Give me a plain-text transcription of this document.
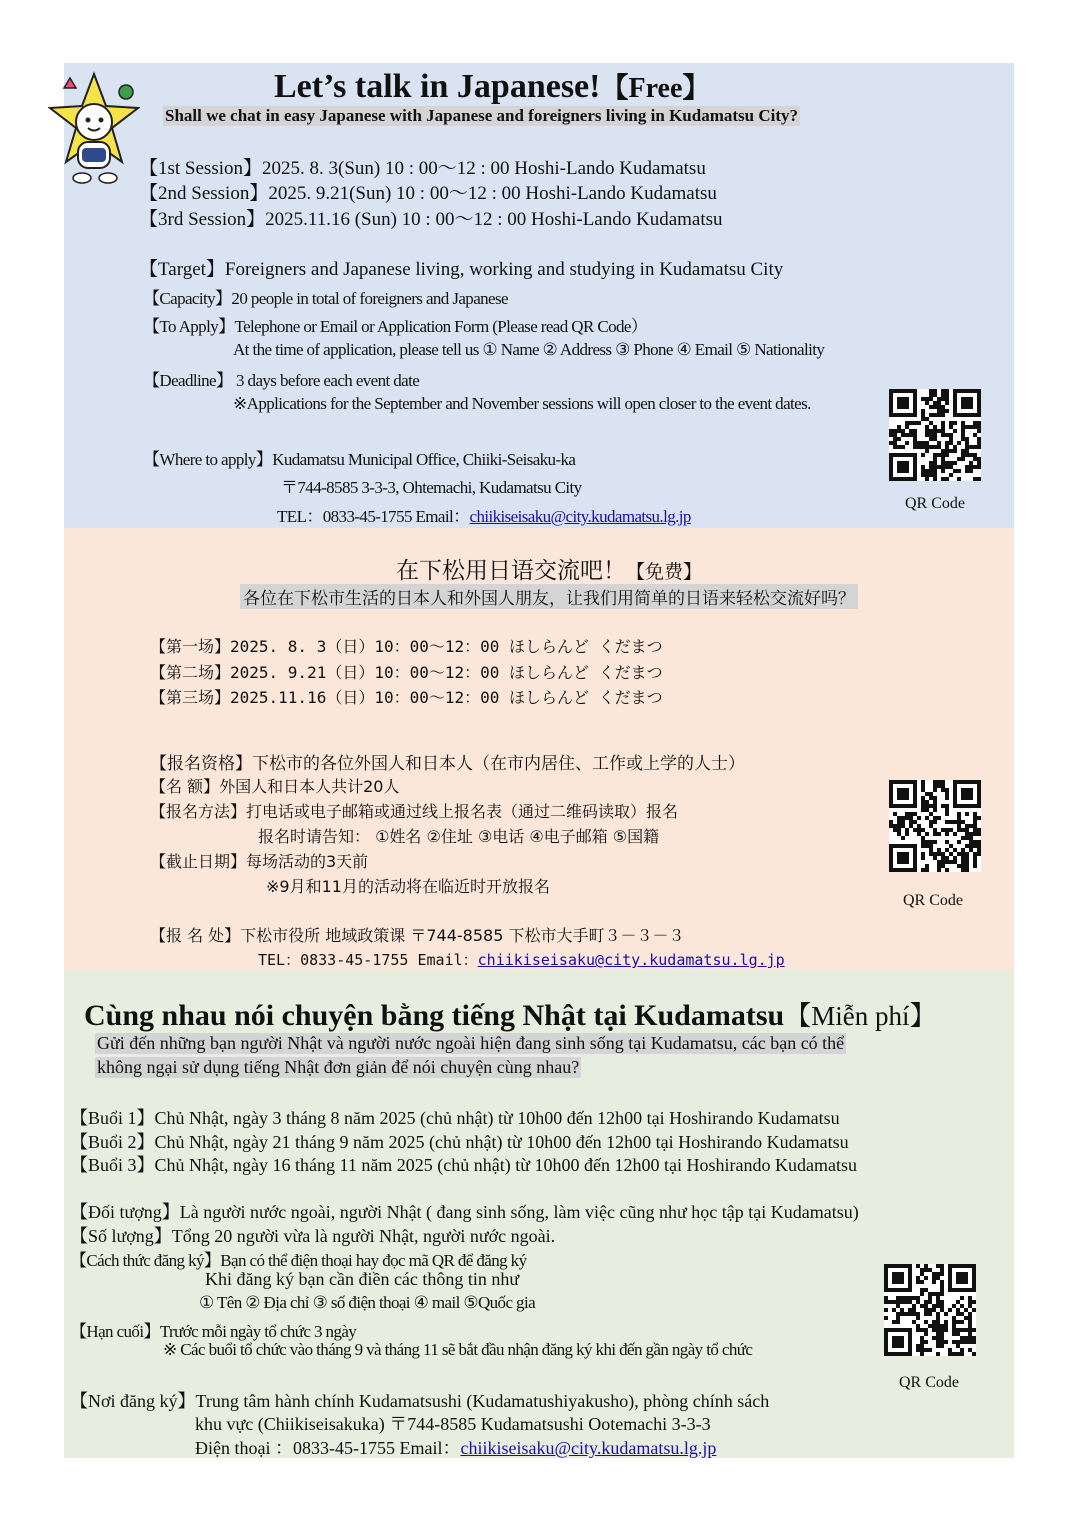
Let’s talk in Japanese!【Free】
Shall we chat in easy Japanese with Japanese and foreigners living in Kudamatsu City?
【1st Session】2025. 8. 3(Sun) 10 : 00～12 : 00 Hoshi-Lando Kudamatsu
【2nd Session】2025. 9.21(Sun) 10 : 00～12 : 00 Hoshi-Lando Kudamatsu
【3rd Session】2025.11.16 (Sun) 10 : 00～12 : 00 Hoshi-Lando Kudamatsu
【Target】Foreigners and Japanese living, working and studying in Kudamatsu City
【Capacity】20 people in total of foreigners and Japanese
【To Apply】Telephone or Email or Application Form (Please read QR Code）
At the time of application, please tell us ① Name ② Address ③ Phone ④ Email ⑤ Nationality
【Deadline】 3 days before each event date
※Applications for the September and November sessions will open closer to the event dates.
【Where to apply】Kudamatsu Municipal Office, Chiiki-Seisaku-ka
〒744-8585 3-3-3, Ohtemachi, Kudamatsu City
TEL：0833-45-1755 Email：chiikiseisaku@city.kudamatsu.lg.jp
QR Code
在下松用日语交流吧！【免费】
各位在下松市生活的日本人和外国人朋友，让我们用简单的日语来轻松交流好吗？
【第一场】2025. 8. 3（日）10：00～12：00 ほしらんど くだまつ
【第二场】2025. 9.21（日）10：00～12：00 ほしらんど くだまつ
【第三场】2025.11.16（日）10：00～12：00 ほしらんど くだまつ
【报名资格】下松市的各位外国人和日本人（在市内居住、工作或上学的人士）
【名 额】外国人和日本人共计20人
【报名方法】打电话或电子邮箱或通过线上报名表（通过二维码读取）报名
报名时请告知： ①姓名 ②住址 ③电话 ④电子邮箱 ⑤国籍
【截止日期】每场活动的3天前
※9月和11月的活动将在临近时开放报名
【报 名 处】下松市役所 地域政策课 〒744-8585 下松市大手町３－３－３
TEL：0833-45-1755 Email：chiikiseisaku@city.kudamatsu.lg.jp
QR Code
Cùng nhau nói chuyện bằng tiếng Nhật tại Kudamatsu【Miễn phí】
Gửi đến những bạn người Nhật và người nước ngoài hiện đang sinh sống tại Kudamatsu, các bạn có thể
không ngại sử dụng tiếng Nhật đơn giản để nói chuyện cùng nhau?
【Buổi 1】Chủ Nhật, ngày 3 tháng 8 năm 2025 (chủ nhật) từ 10h00 đến 12h00 tại Hoshirando Kudamatsu
【Buổi 2】Chủ Nhật, ngày 21 tháng 9 năm 2025 (chủ nhật) từ 10h00 đến 12h00 tại Hoshirando Kudamatsu
【Buổi 3】Chủ Nhật, ngày 16 tháng 11 năm 2025 (chủ nhật) từ 10h00 đến 12h00 tại Hoshirando Kudamatsu
【Đối tượng】Là người nước ngoài, người Nhật ( đang sinh sống, làm việc cũng như học tập tại Kudamatsu)
【Số lượng】Tổng 20 người vừa là người Nhật, người nước ngoài.
【Cách thức đăng ký】Bạn có thể điện thoại hay đọc mã QR để đăng ký
Khi đăng ký bạn cần điền các thông tin như
① Tên ② Địa chỉ ③ số điện thoại ④ mail ⑤Quốc gia
【Hạn cuối】Trước mỗi ngày tổ chức 3 ngày
※ Các buổi tổ chức vào tháng 9 và tháng 11 sẽ bắt đầu nhận đăng ký khi đến gần ngày tổ chức
【Nơi đăng ký】Trung tâm hành chính Kudamatsushi (Kudamatushiyakusho), phòng chính sách
khu vực (Chiikiseisakuka) 〒744-8585 Kudamatsushi Ootemachi 3-3-3
Điện thoại ：0833-45-1755 Email：chiikiseisaku@city.kudamatsu.lg.jp
QR Code
